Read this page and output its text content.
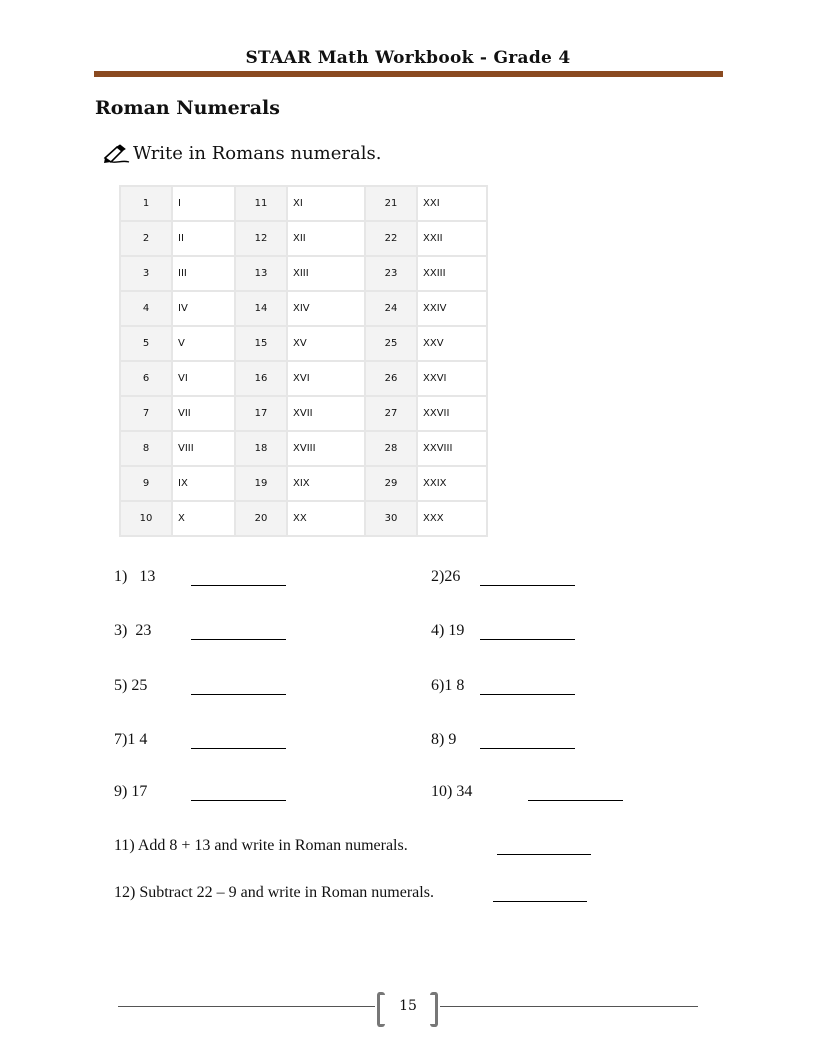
STAAR Math Workbook - Grade 4
Roman Numerals
Write in Romans numerals.
1	I	11	XI	21	XXI
2	II	12	XII	22	XXII
3	III	13	XIII	23	XXIII
4	IV	14	XIV	24	XXIV
5	V	15	XV	25	XXV
6	VI	16	XVI	26	XXVI
7	VII	17	XVII	27	XXVII
8	VIII	18	XVIII	28	XXVIII
9	IX	19	XIX	29	XXIX
10	X	20	XX	30	XXX
1)   13	2)26
3)  23	4) 19
5) 25	6)1 8
7)1 4	8) 9
9) 17	10) 34
11) Add 8 + 13 and write in Roman numerals.
12) Subtract 22 – 9 and write in Roman numerals.
15
